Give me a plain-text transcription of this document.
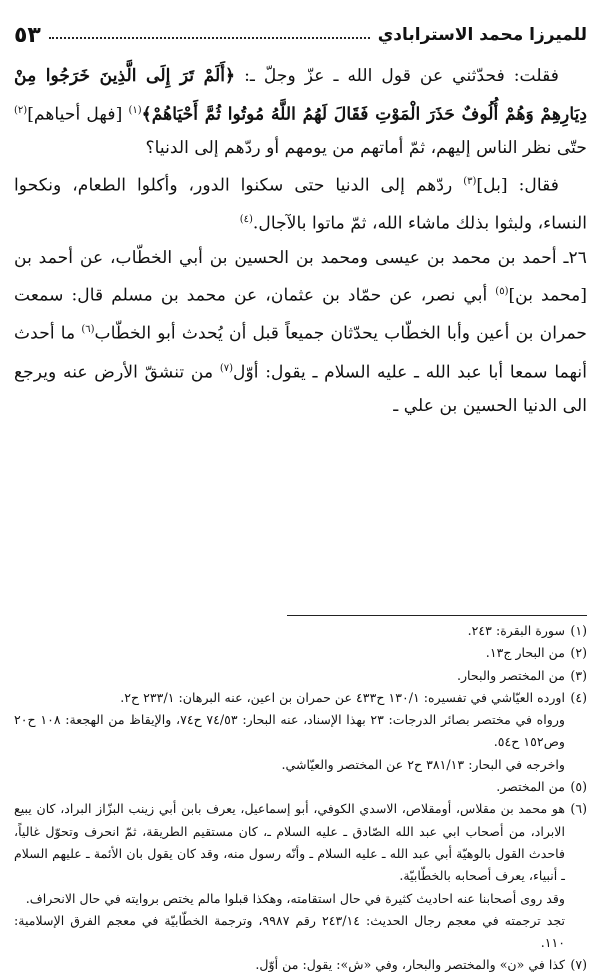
للميرزا محمد الاسترابادي
٥٣

فقلت: فحدّثني عن قول الله ـ عزّ وجلّ ـ: ﴿أَلَمْ تَرَ إِلَى الَّذِينَ خَرَجُوا مِنْ دِيَارِهِمْ وَهُمْ أُلُوفٌ حَذَرَ الْمَوْتِ فَقَالَ لَهُمُ اللَّهُ مُوتُوا ثُمَّ أَحْيَاهُمْ﴾$^{(١)}$ [فهل أحياهم]$^{(٢)}$ حتّى نظر الناس إليهم، ثمّ أماتهم من يومهم أو ردّهم إلى الدنيا؟

فقال: [بل]$^{(٣)}$ ردّهم إلى الدنيا حتى سكنوا الدور، وأكلوا الطعام، ونكحوا النساء، ولبثوا بذلك ماشاء الله، ثمّ ماتوا بالآجال.$^{(٤)}$

٢٦ـ أحمد بن محمد بن عيسى ومحمد بن الحسين بن أبي الخطّاب، عن أحمد بن [محمد بن]$^{(٥)}$ أبي نصر، عن حمّاد بن عثمان، عن محمد بن مسلم قال: سمعت حمران بن أعين وأبا الخطّاب يحدّثان جميعاً قبل أن يُحدث أبو الخطّاب$^{(٦)}$ ما أحدث أنهما سمعا أبا عبد الله ـ عليه السلام ـ يقول: أوّل$^{(٧)}$ من تنشقّ الأرض عنه ويرجع الى الدنيا الحسين بن علي ـ

(١)
سورة البقرة: ٢٤٣.
(٢)
من البحار ج١٣.
(٣)
من المختصر والبحار.
(٤)
اورده العيّاشي في تفسيره: ١٣٠/١ ح٤٣٣ عن حمران بن اعين، عنه البرهان: ٢٣٣/١ ح٢.
ورواه في مختصر بصائر الدرجات: ٢٣ بهذا الإسناد، عنه البحار: ٧٤/٥٣ ح٧٤، والإيقاظ من الهجعة: ١٠٨ ح٢٠ وص١٥٢ ح٥٤.
واخرجه في البحار: ٣٨١/١٣ ح٢ عن المختصر والعيّاشي.
(٥)
من المختصر.
(٦)
هو محمد بن مقلاس، أومقلاص، الاسدي الكوفي، أبو إسماعيل، يعرف بابن أبي زينب البزّاز البراد، كان يبيع الابراد، من أصحاب ابي عبد الله الصّادق ـ عليه السلام ـ، كان مستقيم الطريقة، ثمّ انحرف وتحوّل غالياً، فاحدث القول بالوهيّة أبي عبد الله ـ عليه السلام ـ وأنّه رسول منه، وقد كان يقول بان الأئمة ـ عليهم السلام ـ أنبياء، يعرف أصحابه بالخطّابيّة.
وقد روى أصحابنا عنه احاديث كثيرة في حال استقامته، وهكذا قبلوا مالم يختص بروايته في حال الانحراف.
تجد ترجمته في معجم رجال الحديث: ٢٤٣/١٤ رقم ٩٩٨٧، وترجمة الخطّابيّة في معجم الفرق الإسلامية: ١١٠.
(٧)
كذا في «ن» والمختصر والبحار، وفي «ش»: يقول: من أوّل.
